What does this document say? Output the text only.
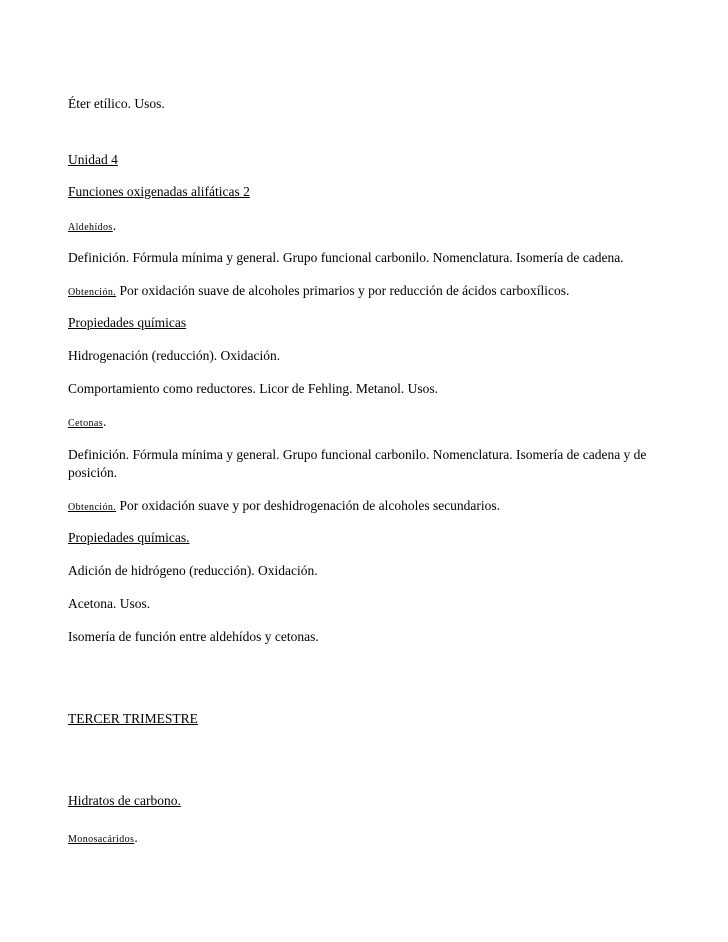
Éter etílico. Usos.
Unidad 4
Funciones oxigenadas alifáticas 2
Aldehídos.
Definición. Fórmula mínima y general. Grupo funcional carbonilo. Nomenclatura. Isomería de cadena.
Obtención. Por oxidación suave de alcoholes primarios y por reducción de ácidos carboxílicos.
Propiedades químicas
Hidrogenación (reducción). Oxidación.
Comportamiento como reductores. Licor de Fehling. Metanol. Usos.
Cetonas.
Definición. Fórmula mínima y general. Grupo funcional carbonilo. Nomenclatura. Isomería de cadena y de posición.
Obtención. Por oxidación suave y por deshidrogenación de alcoholes secundarios.
Propiedades químicas.
Adición de hidrógeno (reducción). Oxidación.
Acetona. Usos.
Isomería de función entre aldehídos y cetonas.
TERCER TRIMESTRE
Hidratos de carbono.
Monosacáridos.
